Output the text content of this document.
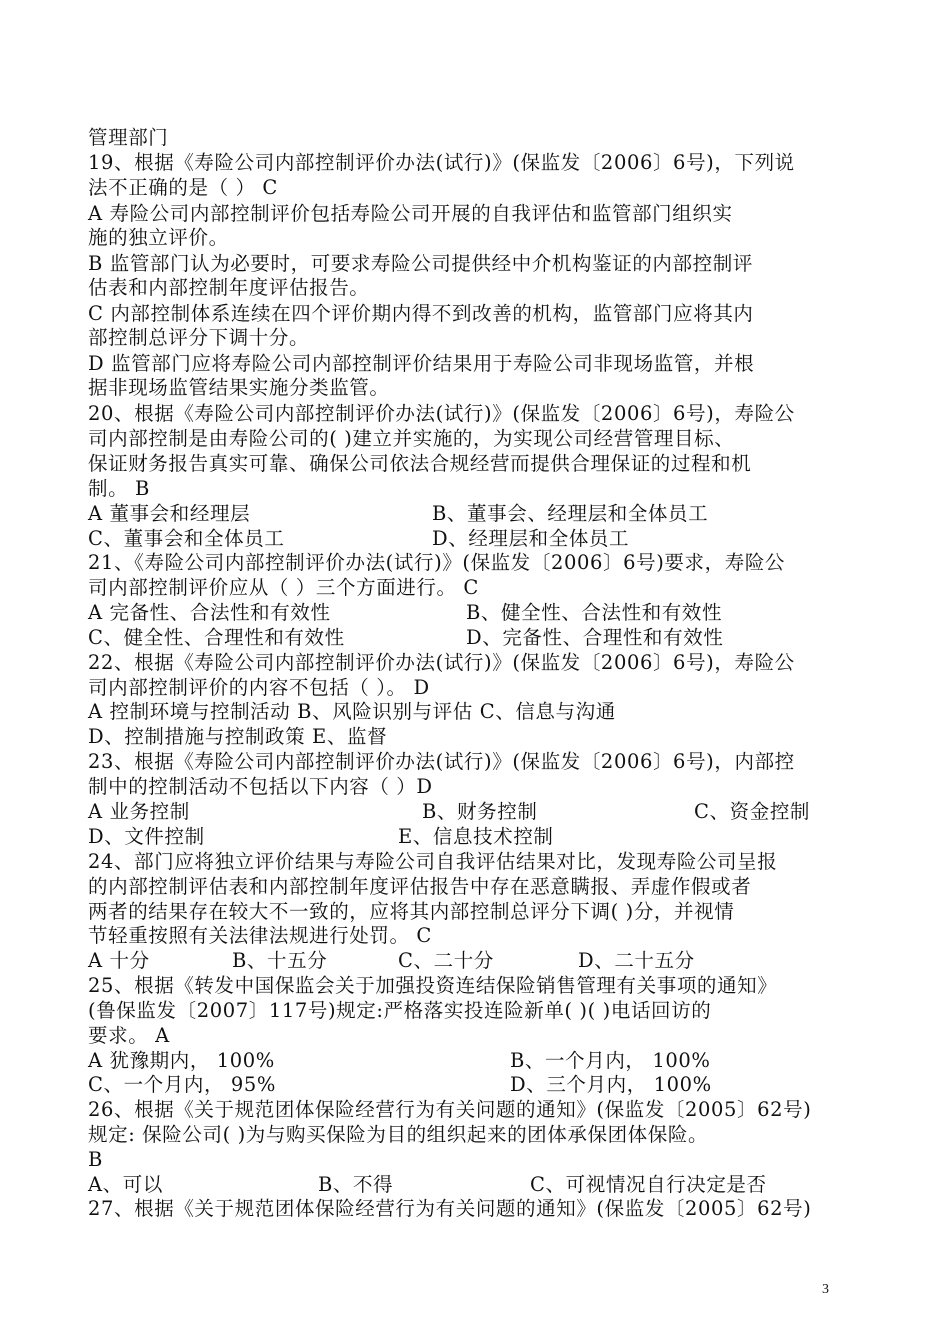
管理部门
19、根据《寿险公司内部控制评价办法(试行)》(保监发〔2006〕6号)，下列说
法不正确的是（ ） C
A 寿险公司内部控制评价包括寿险公司开展的自我评估和监管部门组织实
施的独立评价。
B 监管部门认为必要时，可要求寿险公司提供经中介机构鉴证的内部控制评
估表和内部控制年度评估报告。
C 内部控制体系连续在四个评价期内得不到改善的机构，监管部门应将其内
部控制总评分下调十分。
D 监管部门应将寿险公司内部控制评价结果用于寿险公司非现场监管，并根
据非现场监管结果实施分类监管。
20、根据《寿险公司内部控制评价办法(试行)》(保监发〔2006〕6号)，寿险公
司内部控制是由寿险公司的( )建立并实施的，为实现公司经营管理目标、
保证财务报告真实可靠、确保公司依法合规经营而提供合理保证的过程和机
制。 B
A 董事会和经理层	B、董事会、经理层和全体员工
C、董事会和全体员工	D、经理层和全体员工
21、《寿险公司内部控制评价办法(试行)》(保监发〔2006〕6号)要求，寿险公
司内部控制评价应从（ ）三个方面进行。 C
A 完备性、合法性和有效性	B、健全性、合法性和有效性
C、健全性、合理性和有效性	D、完备性、合理性和有效性
22、根据《寿险公司内部控制评价办法(试行)》(保监发〔2006〕6号)，寿险公
司内部控制评价的内容不包括（ ）。 D
A 控制环境与控制活动 B、风险识别与评估 C、信息与沟通
D、控制措施与控制政策 E、监督
23、根据《寿险公司内部控制评价办法(试行)》(保监发〔2006〕6号)，内部控
制中的控制活动不包括以下内容（ ）D
A 业务控制	B、财务控制	C、资金控制
D、文件控制	E、信息技术控制
24、部门应将独立评价结果与寿险公司自我评估结果对比，发现寿险公司呈报
的内部控制评估表和内部控制年度评估报告中存在恶意瞒报、弄虚作假或者
两者的结果存在较大不一致的，应将其内部控制总评分下调( )分，并视情
节轻重按照有关法律法规进行处罚。 C
A 十分	B、十五分	C、二十分	D、二十五分
25、根据《转发中国保监会关于加强投资连结保险销售管理有关事项的通知》
(鲁保监发〔2007〕117号)规定:严格落实投连险新单( )( )电话回访的
要求。 A
A 犹豫期内， 100%	B、一个月内， 100%
C、一个月内， 95%	D、三个月内， 100%
26、根据《关于规范团体保险经营行为有关问题的通知》(保监发〔2005〕62号)
规定: 保险公司( )为与购买保险为目的组织起来的团体承保团体保险。
B
A、可以	B、不得	C、可视情况自行决定是否
27、根据《关于规范团体保险经营行为有关问题的通知》(保监发〔2005〕62号)
3
